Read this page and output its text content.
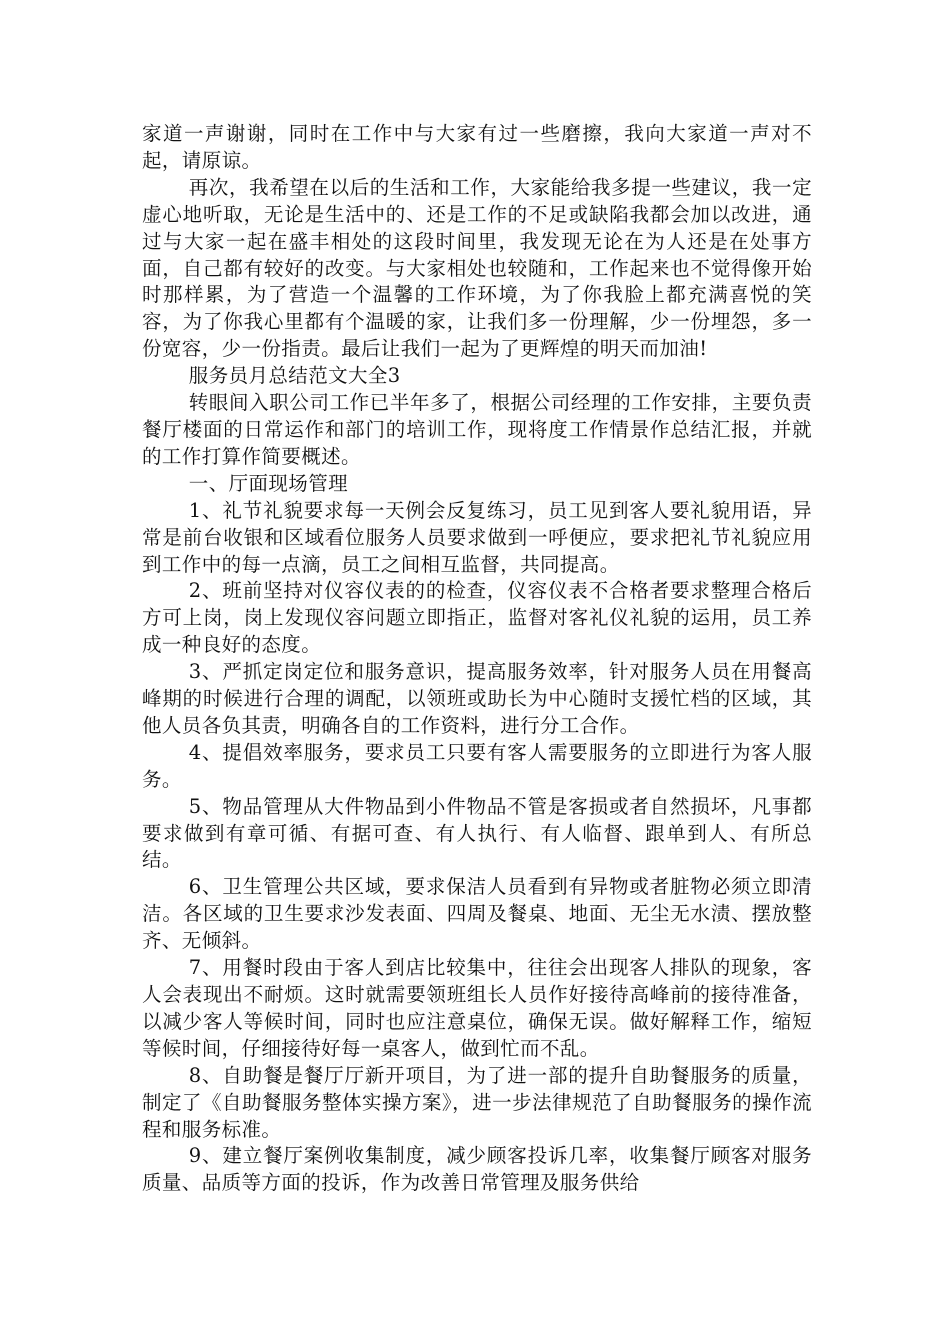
家道一声谢谢，同时在工作中与大家有过一些磨擦，我向大家道一声对不起，请原谅。

再次，我希望在以后的生活和工作，大家能给我多提一些建议，我一定虚心地听取，无论是生活中的、还是工作的不足或缺陷我都会加以改进，通过与大家一起在盛丰相处的这段时间里，我发现无论在为人还是在处事方面，自己都有较好的改变。与大家相处也较随和，工作起来也不觉得像开始时那样累，为了营造一个温馨的工作环境，为了你我脸上都充满喜悦的笑容，为了你我心里都有个温暖的家，让我们多一份理解，少一份埋怨，多一份宽容，少一份指责。最后让我们一起为了更辉煌的明天而加油!

服务员月总结范文大全3

转眼间入职公司工作已半年多了，根据公司经理的工作安排，主要负责餐厅楼面的日常运作和部门的培训工作，现将度工作情景作总结汇报，并就的工作打算作简要概述。

一、厅面现场管理

1、礼节礼貌要求每一天例会反复练习，员工见到客人要礼貌用语，异常是前台收银和区域看位服务人员要求做到一呼便应，要求把礼节礼貌应用到工作中的每一点滴，员工之间相互监督，共同提高。

2、班前坚持对仪容仪表的的检查，仪容仪表不合格者要求整理合格后方可上岗，岗上发现仪容问题立即指正，监督对客礼仪礼貌的运用，员工养成一种良好的态度。

3、严抓定岗定位和服务意识，提高服务效率，针对服务人员在用餐高峰期的时候进行合理的调配，以领班或助长为中心随时支援忙档的区域，其他人员各负其责，明确各自的工作资料，进行分工合作。

4、提倡效率服务，要求员工只要有客人需要服务的立即进行为客人服务。

5、物品管理从大件物品到小件物品不管是客损或者自然损坏，凡事都要求做到有章可循、有据可查、有人执行、有人临督、跟单到人、有所总结。

6、卫生管理公共区域，要求保洁人员看到有异物或者脏物必须立即清洁。各区域的卫生要求沙发表面、四周及餐桌、地面、无尘无水渍、摆放整齐、无倾斜。

7、用餐时段由于客人到店比较集中，往往会出现客人排队的现象，客人会表现出不耐烦。这时就需要领班组长人员作好接待高峰前的接待准备，以减少客人等候时间，同时也应注意桌位，确保无误。做好解释工作，缩短等候时间，仔细接待好每一桌客人，做到忙而不乱。

8、自助餐是餐厅厅新开项目，为了进一部的提升自助餐服务的质量，制定了《自助餐服务整体实操方案》，进一步法律规范了自助餐服务的操作流程和服务标准。

9、建立餐厅案例收集制度，减少顾客投诉几率，收集餐厅顾客对服务质量、品质等方面的投诉，作为改善日常管理及服务供给
